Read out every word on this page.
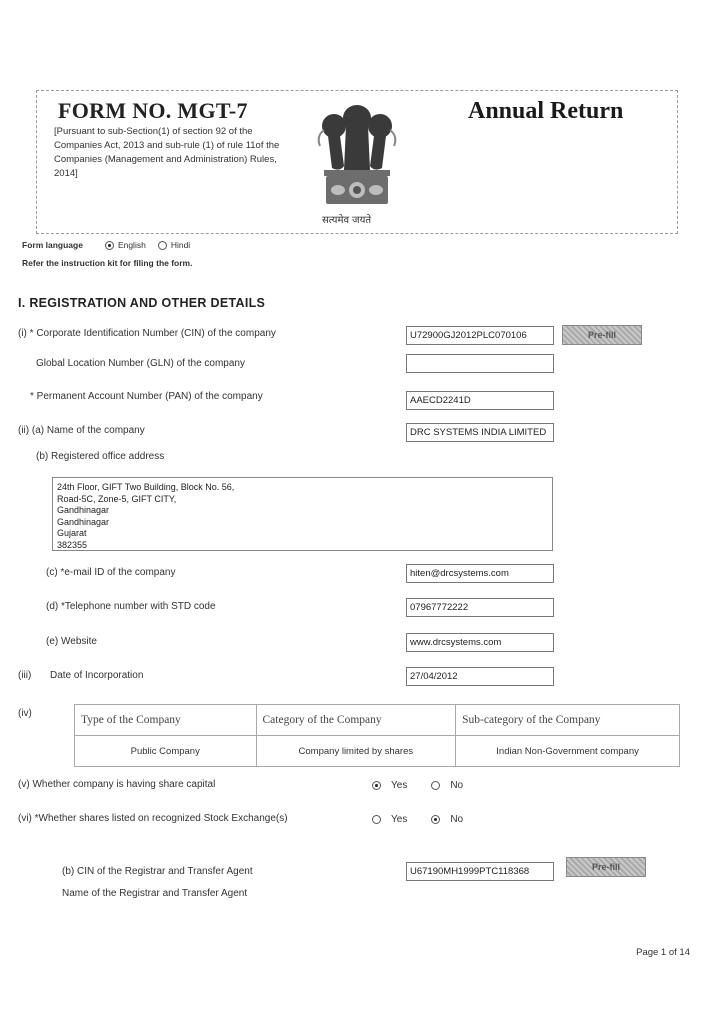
FORM NO. MGT-7
[Pursuant to sub-Section(1) of section 92 of the Companies Act, 2013 and sub-rule (1) of rule 11of the Companies (Management and Administration) Rules, 2014]
Annual Return
सत्यमेव जयते
Form language	English	Hindi
Refer the instruction kit for filing the form.
I. REGISTRATION AND OTHER DETAILS
(i) * Corporate Identification Number (CIN) of the company	U72900GJ2012PLC070106	Pre-fill
Global Location Number (GLN) of the company
* Permanent Account Number (PAN) of the company	AAECD2241D
(ii) (a) Name of the company	DRC SYSTEMS INDIA LIMITED
(b) Registered office address
24th Floor, GIFT Two Building, Block No. 56,
Road-5C, Zone-5, GIFT CITY,
Gandhinagar
Gandhinagar
Gujarat
382355
(c) *e-mail ID of the company	hiten@drcsystems.com
(d) *Telephone number with STD code	07967772222
(e) Website	www.drcsystems.com
(iii) Date of Incorporation	27/04/2012
(iv)
Type of the Company	Category of the Company	Sub-category of the Company
Public Company	Company limited by shares	Indian Non-Government company
(v) Whether company is having share capital	Yes	No
(vi) *Whether shares listed on recognized Stock Exchange(s)	Yes	No
(b) CIN of the Registrar and Transfer Agent	U67190MH1999PTC118368	Pre-fill
Name of the Registrar and Transfer Agent
Page 1 of 14
